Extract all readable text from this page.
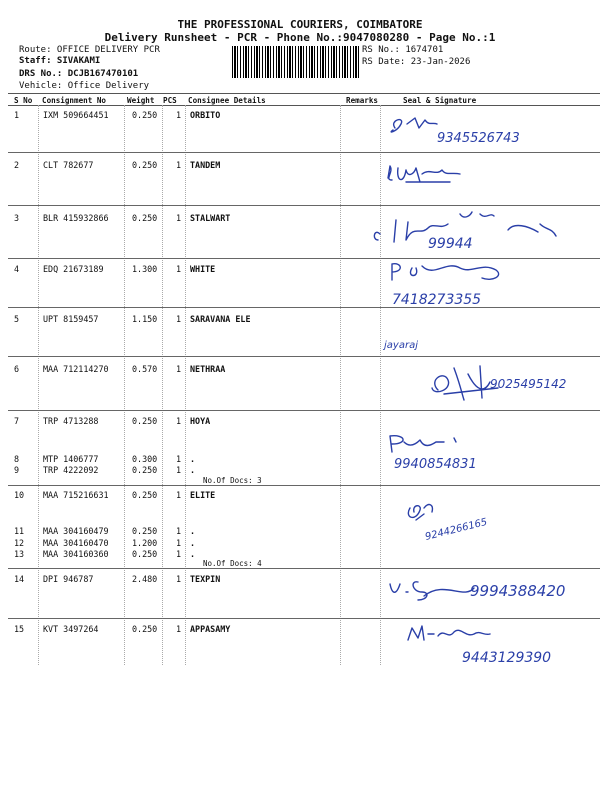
THE PROFESSIONAL COURIERS, COIMBATORE
Delivery Runsheet - PCR - Phone No.:9047080280 - Page No.:1
Route: OFFICE DELIVERY PCR
Staff: SIVAKAMI
DRS No.: DCJB167470101
Vehicle: Office Delivery
RS No.: 1674701
RS Date: 23-Jan-2026
S No Consignment No	Weight PCS Consignee Details	Remarks	Seal & Signature
1	IXM 509664451	0.250 1 ORBITO
2	CLT 782677	0.250 1 TANDEM
3	BLR 415932866	0.250 1 STALWART
4	EDQ 21673189	1.300 1 WHITE
5	UPT 8159457	1.150 1 SARAVANA ELE
6	MAA 712114270	0.570 1 NETHRAA
7	TRP 4713288	0.250 1 HOYA
8	MTP 1406777	0.300 1 .
9	TRP 4222092	0.250 1 .
10 MAA 715216631	0.250 1 ELITE
11 MAA 304160479	0.250 1 .
12 MAA 304160470	1.200 1 .
13 MAA 304160360	0.250 1 .
14 DPI 946787	2.480 1 TEXPIN
15 KVT 3497264	0.250 1 APPASAMY
No.Of Docs: 3
No.Of Docs: 4
9345526743
99944
7418273355
jayaraj
9025495142
9940854831
9244266165
9994388420
9443129390
